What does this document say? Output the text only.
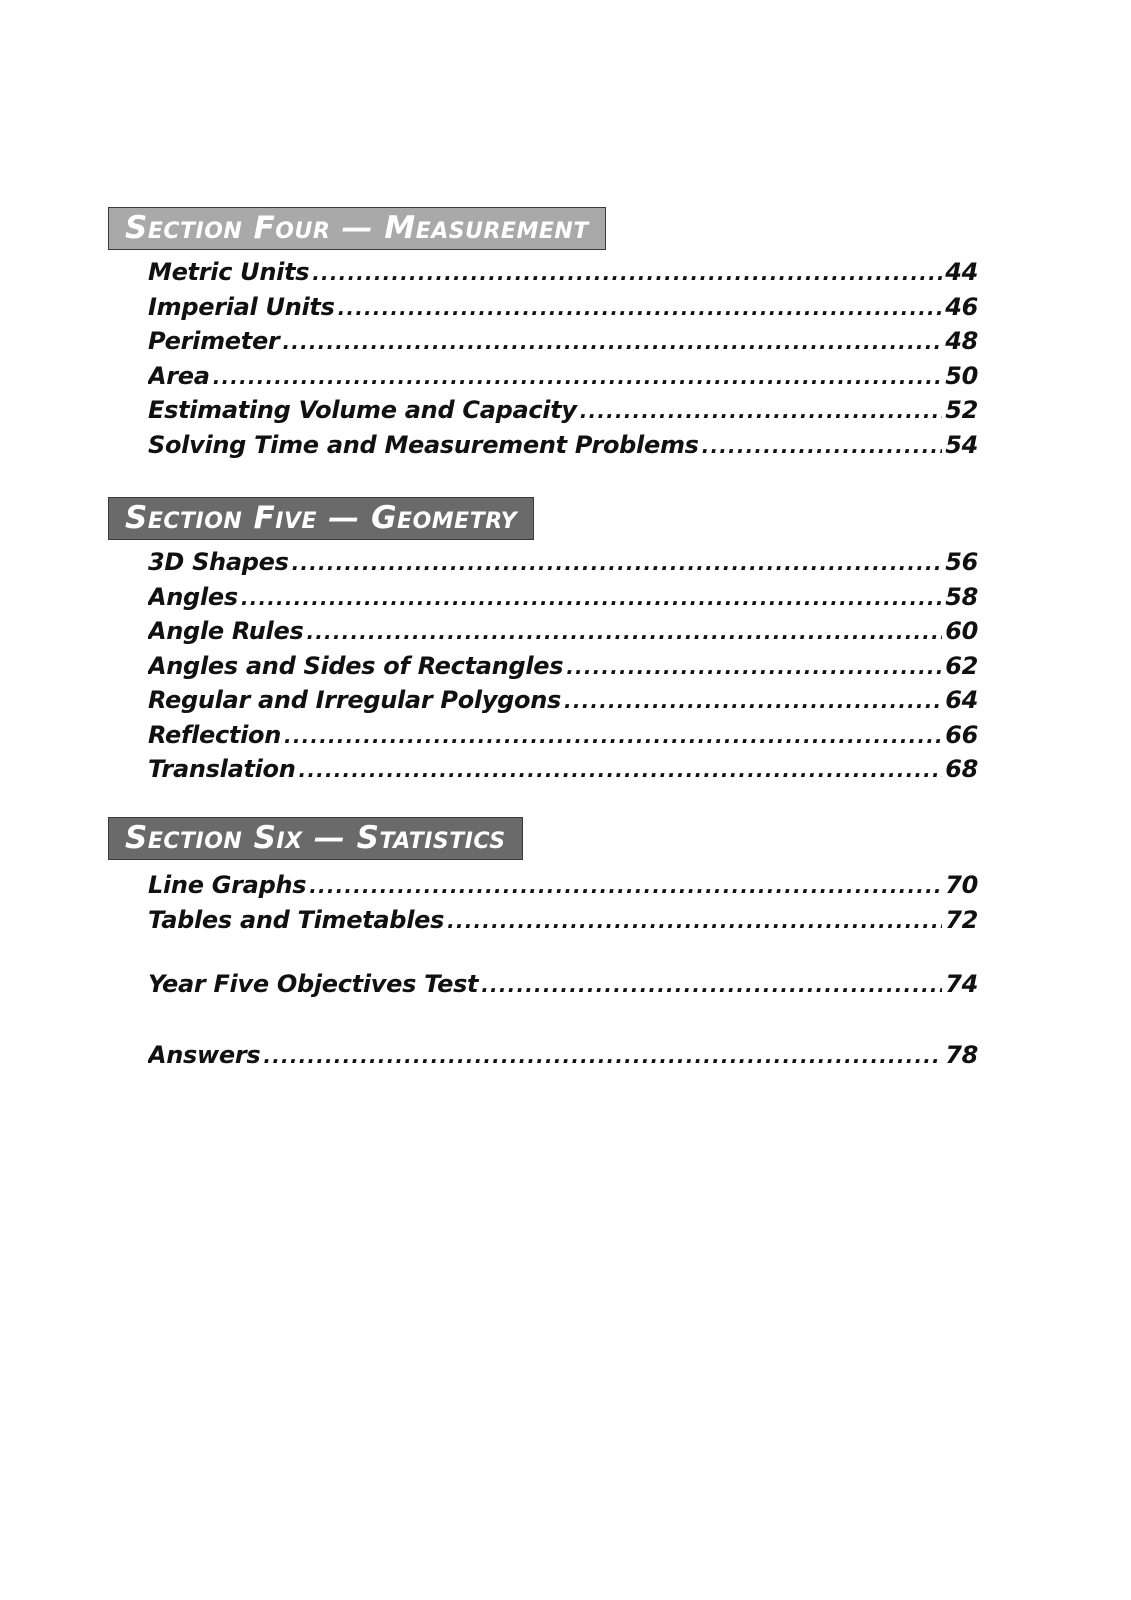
Section Four — Measurement
Metric Units .....	44
Imperial Units .....	46
Perimeter .....	48
Area .....	50
Estimating Volume and Capacity .....	52
Solving Time and Measurement Problems .....	54
Section Five — Geometry
3D Shapes .....	56
Angles .....	58
Angle Rules .....	60
Angles and Sides of Rectangles .....	62
Regular and Irregular Polygons .....	64
Reflection .....	66
Translation .....	68
Section Six — Statistics
Line Graphs .....	70
Tables and Timetables .....	72
Year Five Objectives Test .....	74
Answers .....	78
